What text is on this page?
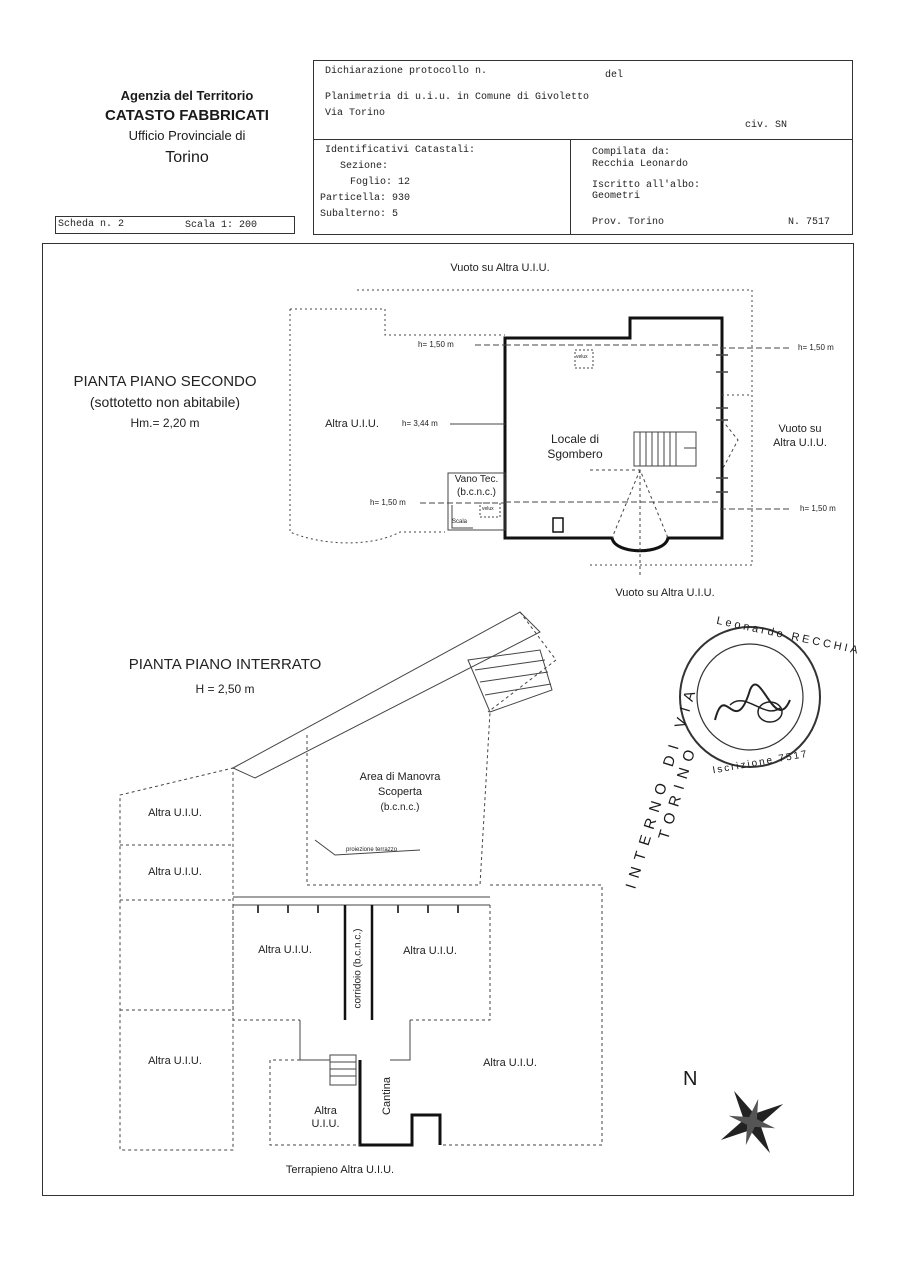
Agenzia del Territorio
CATASTO FABBRICATI
Ufficio Provinciale di
Torino
Dichiarazione protocollo n.	del
Planimetria di u.i.u. in Comune di Givoletto
Via Torino
civ. SN
Identificativi Catastali:
Sezione:
Foglio: 12
Particella: 930
Subalterno: 5
Compilata da:
Recchia Leonardo
Iscritto all'albo:
Geometri
Prov. Torino	N. 7517
Scheda n. 2	Scala 1: 200
Leonardo RECCHIA
Iscrizione 7517
PIANTA PIANO SECONDO
(sottotetto non abitabile)
Hm.= 2,20 m
Vuoto su Altra U.I.U.
Vuoto su Altra U.I.U.
Vuoto su
Altra U.I.U.
Altra U.I.U.
Locale di
Sgombero
Vano Tec.
(b.c.n.c.)
h= 1,50 m	h= 1,50 m
h= 1,50 m
h= 1,50 m
h= 3,44 m
velux
velux
Scala
PIANTA PIANO INTERRATO
H = 2,50 m
Area di Manovra
Scoperta
(b.c.n.c.)
proiezione terrazzo
Altra U.I.U.
Altra U.I.U.
Altra U.I.U.	Altra U.I.U.
Altra U.I.U.	Altra U.I.U.
Altra
U.I.U.
corridoio (b.c.n.c.)
Cantina
Terrapieno Altra U.I.U.
INTERNO DI VIA TORINO
N
